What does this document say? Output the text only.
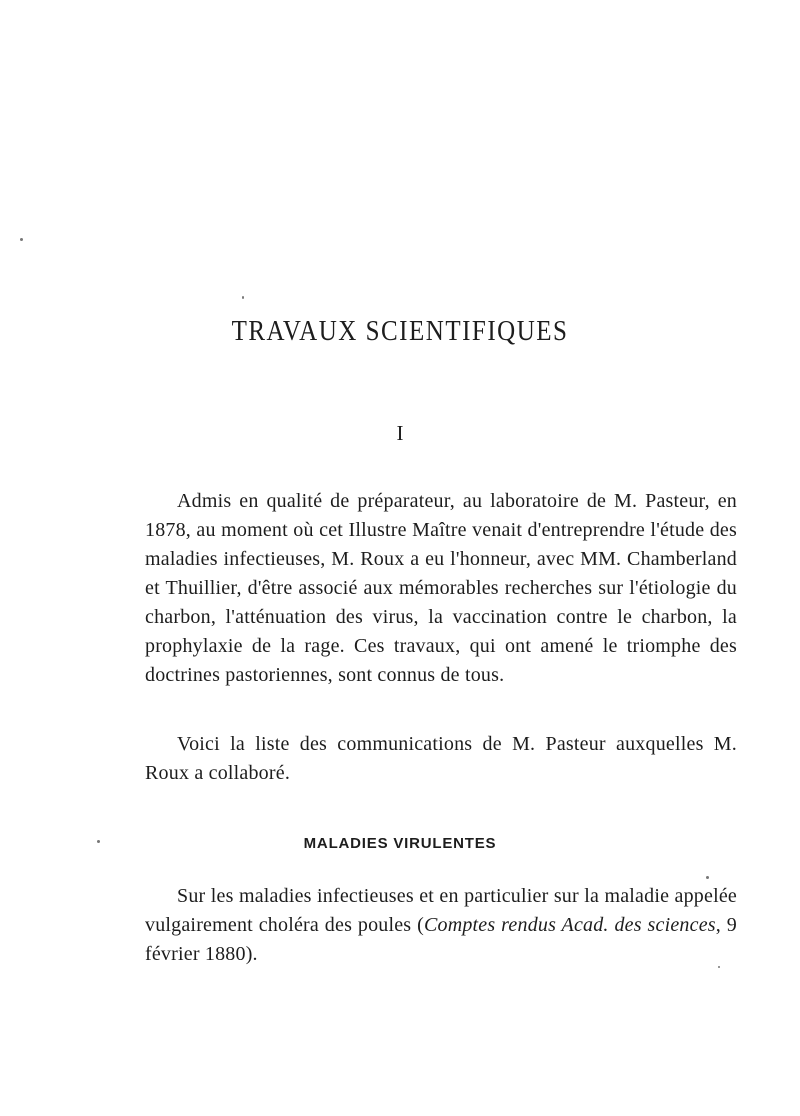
TRAVAUX SCIENTIFIQUES
I

Admis en qualité de préparateur, au laboratoire de M. Pasteur, en 1878, au moment où cet Illustre Maître venait d'entreprendre l'étude des maladies infectieuses, M. Roux a eu l'honneur, avec MM. Chamberland et Thuillier, d'être associé aux mémorables recherches sur l'étiologie du charbon, l'atténuation des virus, la vaccination contre le charbon, la prophylaxie de la rage. Ces travaux, qui ont amené le triomphe des doctrines pastoriennes, sont connus de tous.

Voici la liste des communications de M. Pasteur auxquelles M. Roux a collaboré.

MALADIES VIRULENTES

Sur les maladies infectieuses et en particulier sur la maladie appelée vulgairement choléra des poules (Comptes rendus Acad. des sciences, 9 février 1880).
